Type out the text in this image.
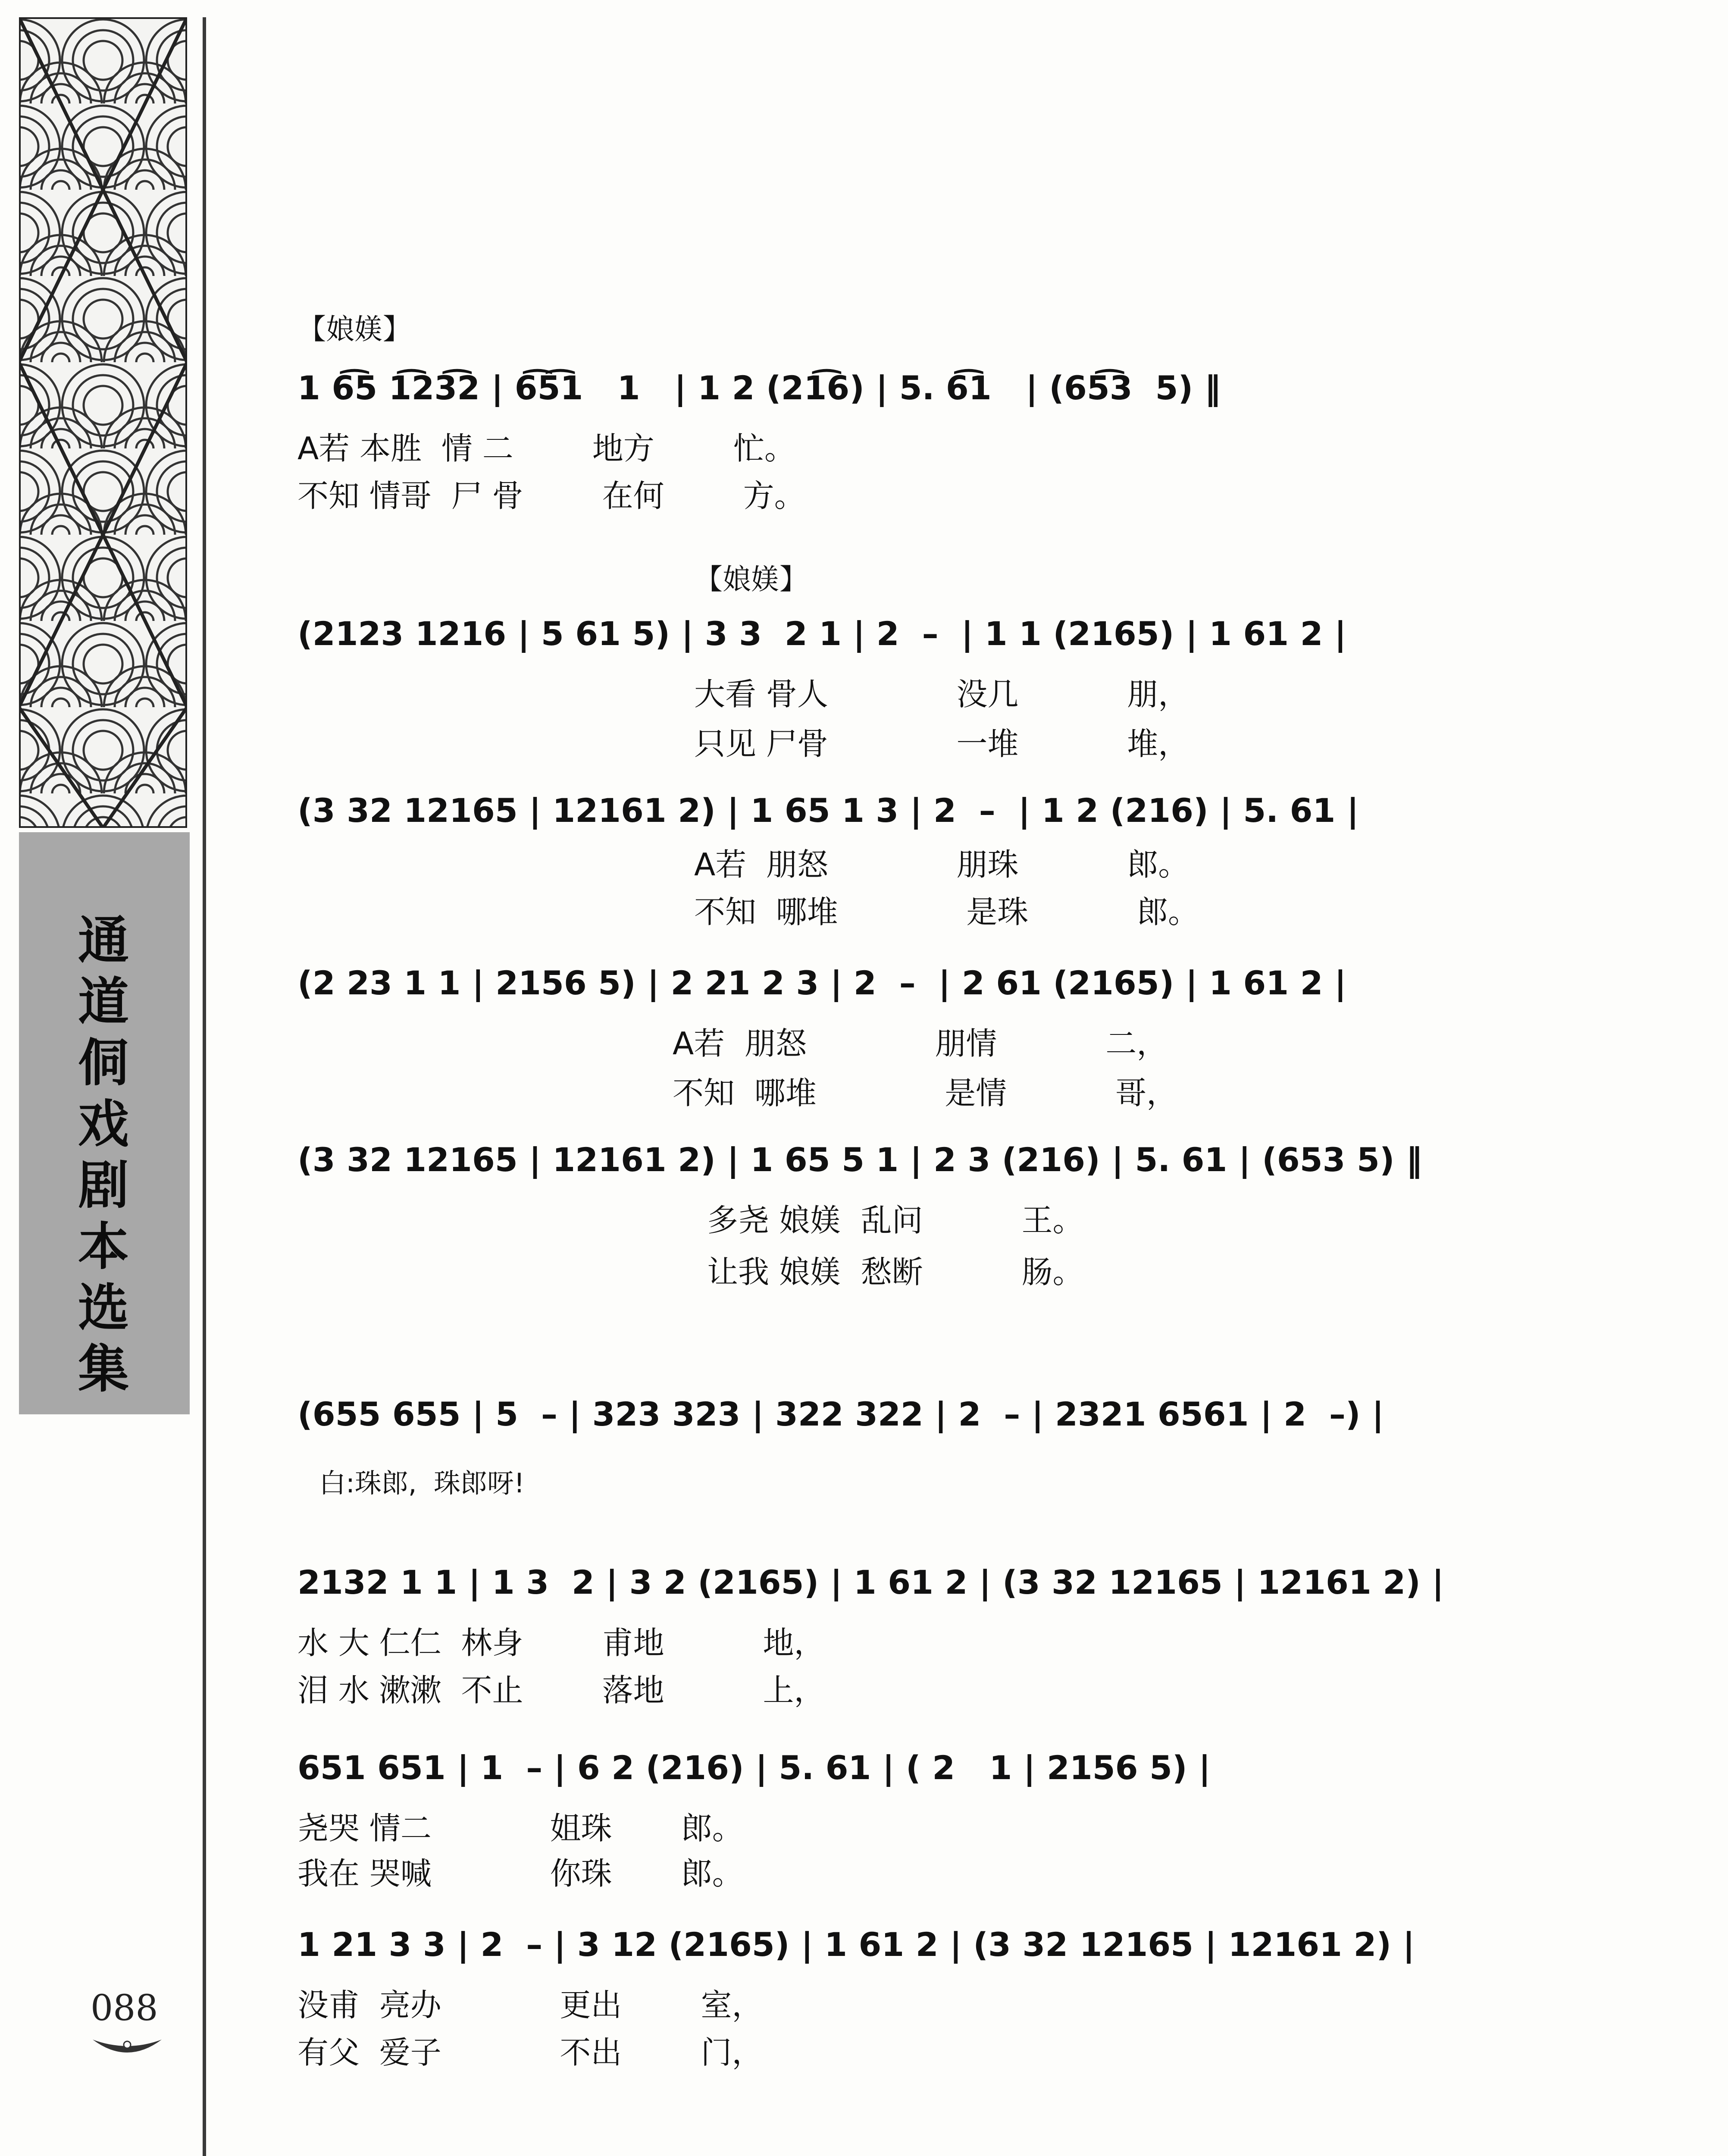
通道侗戏剧本选集
088
【娘媄】
1 6͡5 1͡23͡2 | 6͡5͡1   1   | 1 2 (21͡6) | 5. 6͡1   | (65͡3  5) ‖
A若 本胜  情 二        地方        忙。
不知 情哥  尸 骨        在何        方。
【娘媄】
(2123 1216 | 5 61 5) | 3 3  2 1 | 2  –  | 1 1 (2165) | 1 61 2 |
大看 骨人             没几           朋，
只见 尸骨             一堆           堆，
(3 32 12165 | 12161 2) | 1 65 1 3 | 2  –  | 1 2 (216) | 5. 61 |
A若  朋怒             朋珠           郎。
不知  哪堆             是珠           郎。
(2 23 1 1 | 2156 5) | 2 21 2 3 | 2  –  | 2 61 (2165) | 1 61 2 |
A若  朋怒             朋情           二，
不知  哪堆             是情           哥，
(3 32 12165 | 12161 2) | 1 65 5 1 | 2 3 (216) | 5. 61 | (653 5) ‖
多尧 娘媄  乱问          王。
让我 娘媄  愁断          肠。
(655 655 | 5  – | 323 323 | 322 322 | 2  – | 2321 6561 | 2  –) |
白:珠郎,  珠郎呀!
2132 1 1 | 1 3  2 | 3 2 (2165) | 1 61 2 | (3 32 12165 | 12161 2) |
水 大 仁仁  林身        甫地          地，
泪 水 漱漱  不止        落地          上，
651 651 | 1  – | 6 2 (216) | 5. 61 | ( 2   1 | 2156 5) |
尧哭 情二            姐珠       郎。
我在 哭喊            你珠       郎。
1 21 3 3 | 2  – | 3 12 (2165) | 1 61 2 | (3 32 12165 | 12161 2) |
没甫  亮办            更出        室，
有父  爱子            不出        门，
